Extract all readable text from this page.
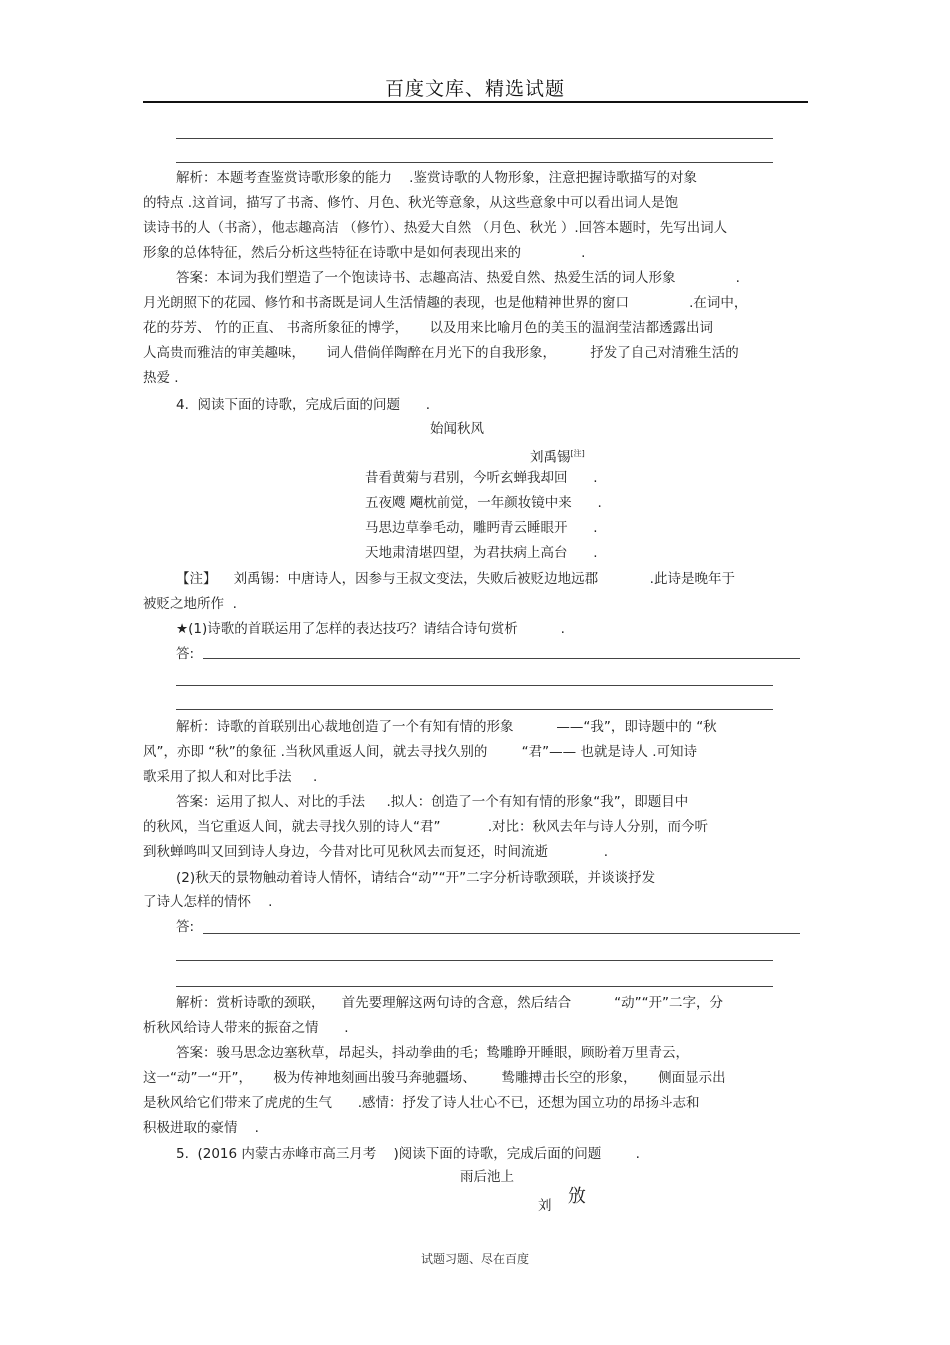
百度文库、精选试题
解析：本题考查鉴赏诗歌形象的能力    .鉴赏诗歌的人物形象，注意把握诗歌描写的对象
的特点 .这首词，描写了书斋、修竹、月色、秋光等意象，从这些意象中可以看出词人是饱
读诗书的人（书斋），他志趣高洁 （修竹）、热爱大自然 （月色、秋光 ）.回答本题时，先写出词人
形象的总体特征，然后分析这些特征在诗歌中是如何表现出来的              .
答案：本词为我们塑造了一个饱读诗书、志趣高洁、热爱自然、热爱生活的词人形象              .
月光朗照下的花园、修竹和书斋既是词人生活情趣的表现，也是他精神世界的窗口              .在词中，
花的芬芳、 竹的正直、 书斋所象征的博学，     以及用来比喻月色的美玉的温润莹洁都透露出词
人高贵而雅洁的审美趣味，     词人借倘佯陶醉在月光下的自我形象，        抒发了自己对清雅生活的
热爱 .
4.  阅读下面的诗歌，完成后面的问题      .
始闻秋风
刘禹锡[注]
昔看黄菊与君别，今听玄蝉我却回      .
五夜飕 飗枕前觉，一年颜妆镜中来      .
马思边草拳毛动，雕眄青云睡眼开      .
天地肃清堪四望，为君扶病上高台      .
【注】    刘禹锡：中唐诗人，因参与王叔文变法，失败后被贬边地远郡            .此诗是晚年于
被贬之地所作  .
★(1)诗歌的首联运用了怎样的表达技巧？请结合诗句赏析          .
答:
解析：诗歌的首联别出心裁地创造了一个有知有情的形象          ——“我”，即诗题中的 “秋
风”，亦即 “秋”的象征 .当秋风重返人间，就去寻找久别的        “君”—— 也就是诗人 .可知诗
歌采用了拟人和对比手法     .
答案：运用了拟人、对比的手法     .拟人：创造了一个有知有情的形象“我”，即题目中
的秋风，当它重返人间，就去寻找久别的诗人“君”           .对比：秋风去年与诗人分别，而今听
到秋蝉鸣叫又回到诗人身边，今昔对比可见秋风去而复还，时间流逝             .
(2)秋天的景物触动着诗人情怀，请结合“动”“开”二字分析诗歌颈联，并谈谈抒发
了诗人怎样的情怀    .
答:
解析：赏析诗歌的颈联，    首先要理解这两句诗的含意，然后结合          “动”“开”二字，分
析秋风给诗人带来的振奋之情      .
答案：骏马思念边塞秋草，昂起头，抖动拳曲的毛；鸷雕睁开睡眼，顾盼着万里青云，
这一“动”一“开”，     极为传神地刻画出骏马奔驰疆场、      鸷雕搏击长空的形象，     侧面显示出
是秋风给它们带来了虎虎的生气      .感情：抒发了诗人壮心不已，还想为国立功的昂扬斗志和
积极进取的豪情    .
5.  (2016 内蒙古赤峰市高三月考    )阅读下面的诗歌，完成后面的问题        .
雨后池上
刘 攽
试题习题、尽在百度
